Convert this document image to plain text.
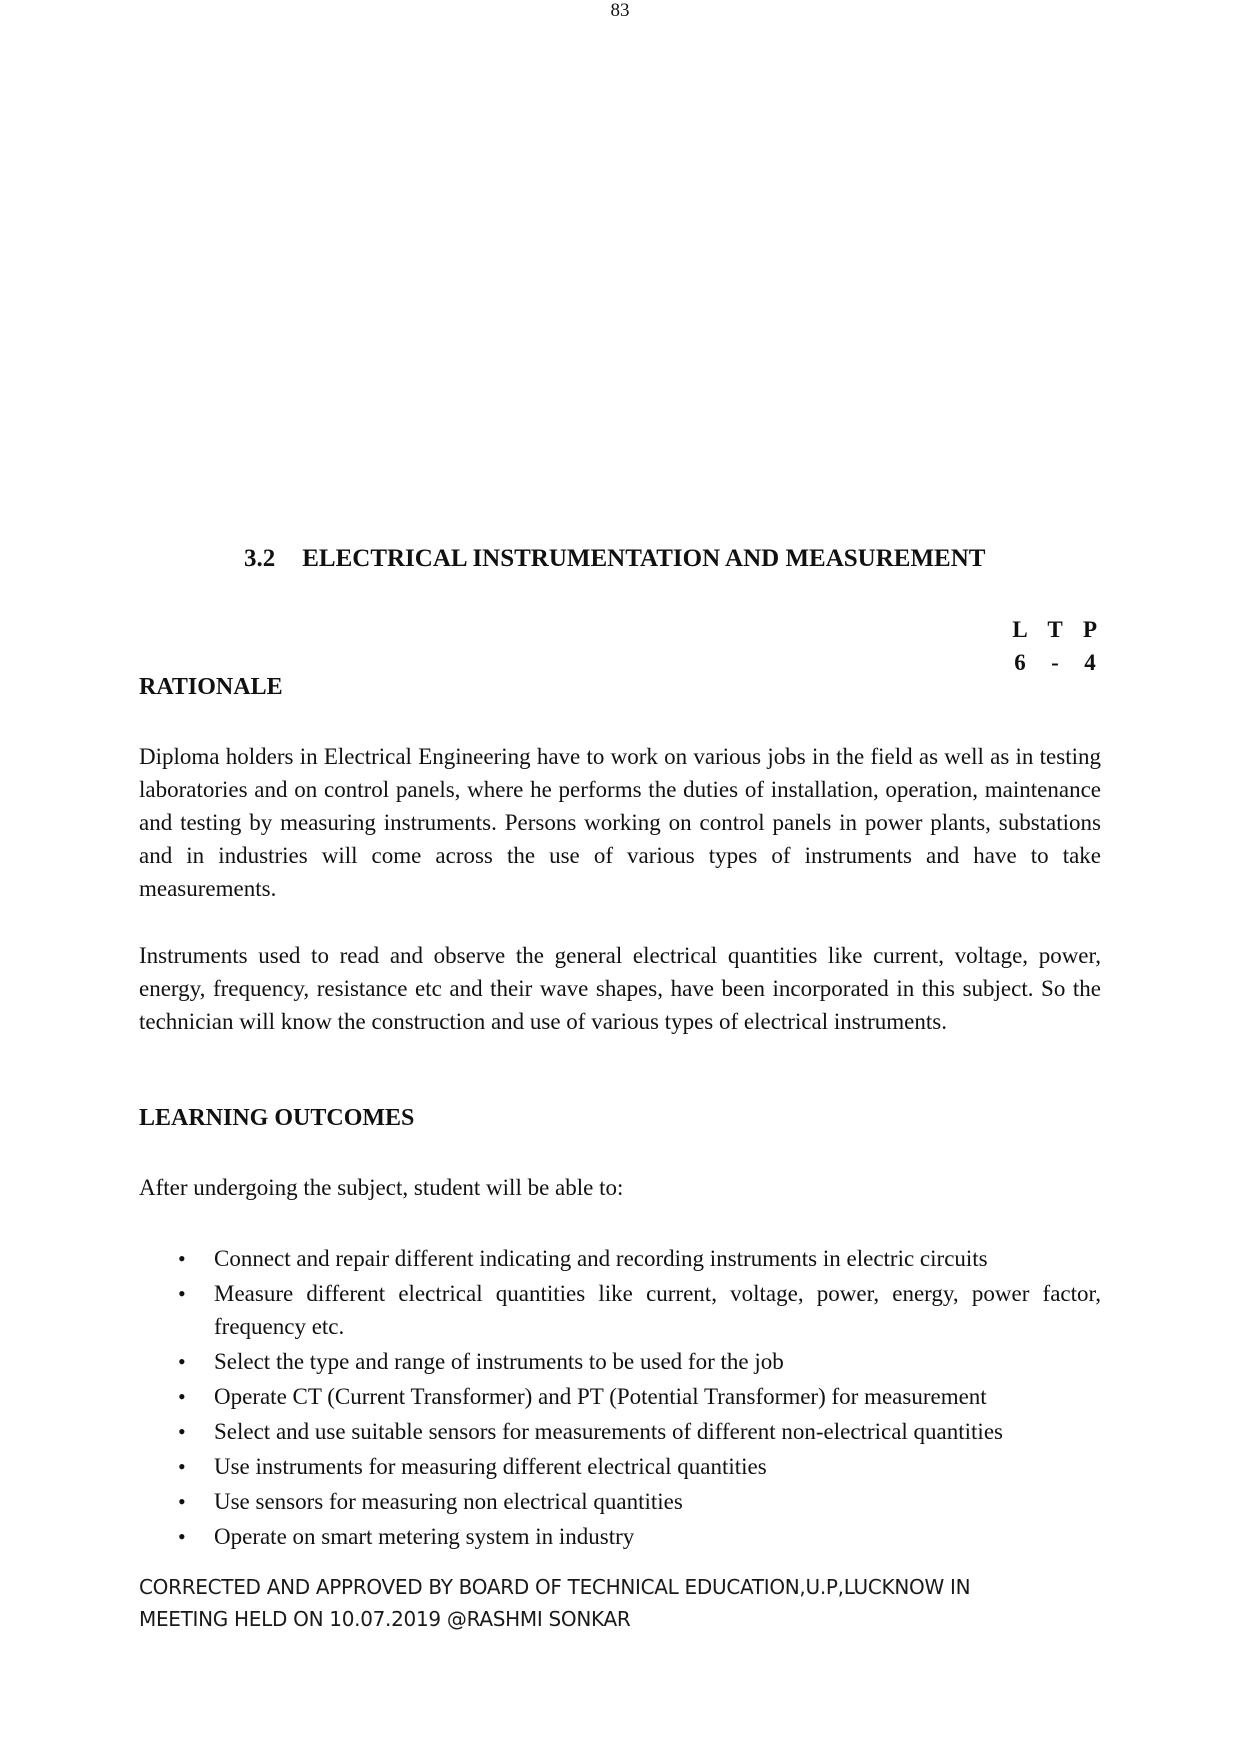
83
3.2 ELECTRICAL INSTRUMENTATION AND MEASUREMENT
L T P
6	-	4
RATIONALE

Diploma holders in Electrical Engineering have to work on various jobs in the field as well as in testing laboratories and on control panels, where he performs the duties of installation, operation, maintenance and testing by measuring instruments. Persons working on control panels in power plants, substations and in industries will come across the use of various types of instruments and have to take measurements.

Instruments used to read and observe the general electrical quantities like current, voltage, power, energy, frequency, resistance etc and their wave shapes, have been incorporated in this subject. So the technician will know the construction and use of various types of electrical instruments.

LEARNING OUTCOMES

After undergoing the subject, student will be able to:

• Connect and repair different indicating and recording instruments in electric circuits
• Measure different electrical quantities like current, voltage, power, energy, power factor, frequency etc.
• Select the type and range of instruments to be used for the job
• Operate CT (Current Transformer) and PT (Potential Transformer) for measurement
• Select and use suitable sensors for measurements of different non-electrical quantities
• Use instruments for measuring different electrical quantities
• Use sensors for measuring non electrical quantities
• Operate on smart metering system in industry
CORRECTED AND APPROVED BY BOARD OF TECHNICAL EDUCATION,U.P,LUCKNOW IN
MEETING HELD ON 10.07.2019 @RASHMI SONKAR
